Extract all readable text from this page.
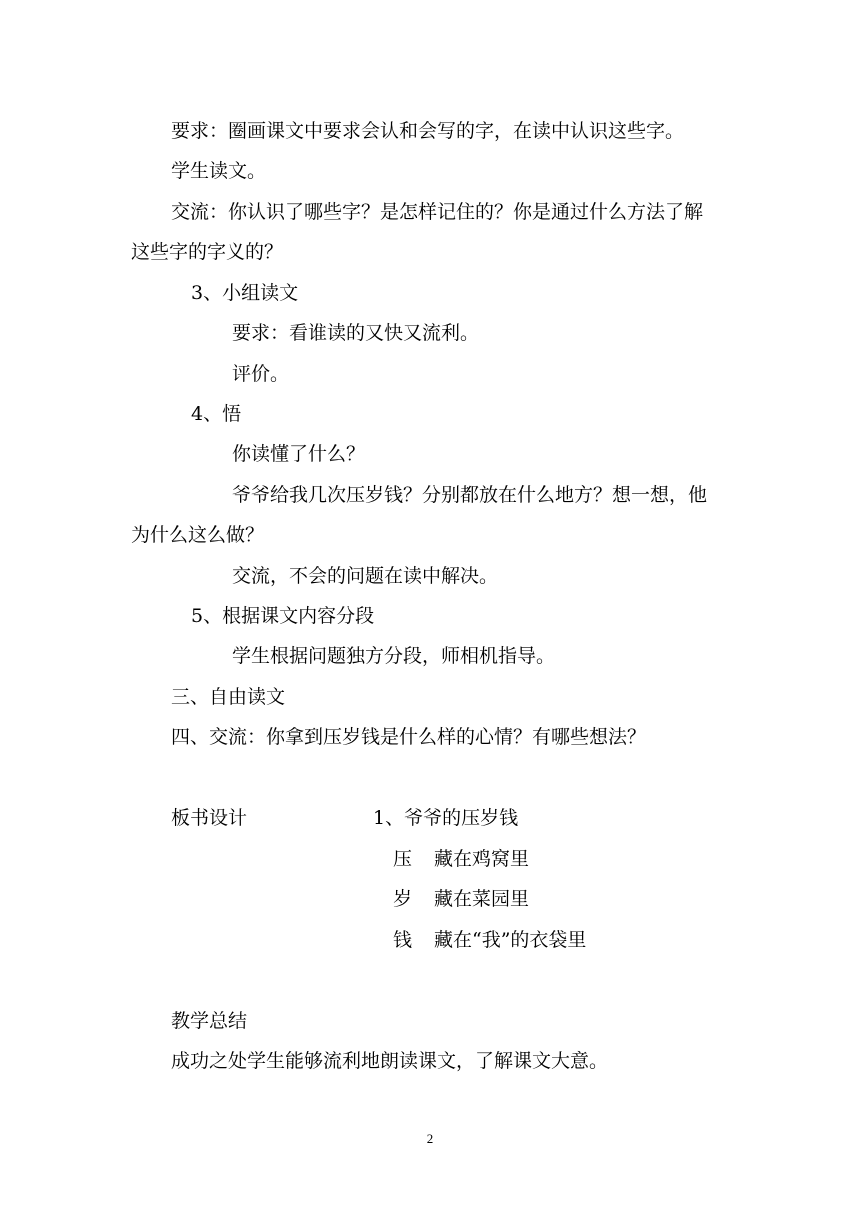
要求：圈画课文中要求会认和会写的字，在读中认识这些字。
学生读文。
交流：你认识了哪些字？是怎样记住的？你是通过什么方法了解
这些字的字义的？
3、小组读文
要求：看谁读的又快又流利。
评价。
4、悟
你读懂了什么？
爷爷给我几次压岁钱？分别都放在什么地方？想一想，他
为什么这么做？
交流，不会的问题在读中解决。
5、根据课文内容分段
学生根据问题独方分段，师相机指导。
三、自由读文
四、交流：你拿到压岁钱是什么样的心情？有哪些想法？
板书设计	1、爷爷的压岁钱
压 藏在鸡窝里
岁 藏在菜园里
钱 藏在“我”的衣袋里
教学总结
成功之处学生能够流利地朗读课文，了解课文大意。
2
